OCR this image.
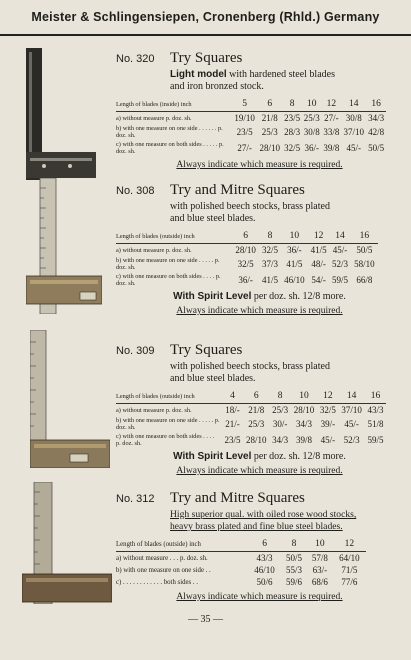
Meister & Schlingensiepen, Cronenberg (Rhld.) Germany
No. 320	Try Squares
Light model with hardened steel blades
and iron bronzed stock.
Length of blades (inside) inch	5	6	8	10	12	14	16
a) without measure p. doz. sh.	19/10	21/8	23/5	25/3	27/-	30/8	34/3
b) with one measure on one side . . . . . . p. doz. sh.	23/5	25/3	28/3	30/8	33/8	37/10	42/8
c) with one measure on both sides . . . . . p. doz. sh.	27/-	28/10	32/5	36/-	39/8	45/-	50/5
Always indicate which measure is required.
No. 308	Try and Mitre Squares
with polished beech stocks, brass plated
and blue steel blades.
Length of blades (outside) inch	6	8	10	12	14	16
a) without measure p. doz. sh.	28/10	32/5	36/-	41/5	45/-	50/5
b) with one measure on one side . . . . . p. doz. sh.	32/5	37/3	41/5	48/-	52/3	58/10
c) with one measure on both sides . . . . p. doz. sh.	36/-	41/5	46/10	54/-	59/5	66/8
With Spirit Level per doz. sh. 12/8 more.
Always indicate which measure is required.
No. 309	Try Squares
with polished beech stocks, brass plated
and blue steel blades.
Length of blades (outside) inch	4	6	8	10	12	14	16
a) without measure p. doz. sh.	18/-	21/8	25/3	28/10	32/5	37/10	43/3
b) with one measure on one side . . . . . p. doz. sh.	21/-	25/3	30/-	34/3	39/-	45/-	51/8
c) with one measure on both sides . . . . p. doz. sh.	23/5	28/10	34/3	39/8	45/-	52/3	59/5
With Spirit Level per doz. sh. 12/8 more.
Always indicate which measure is required.
No. 312	Try and Mitre Squares
High superior qual. with oiled rose wood stocks,
heavy brass plated and fine blue steel blades.
Length of blades (outside) inch	6	8	10	12
a) without measure . . . p. doz. sh.	43/3	50/5	57/8	64/10
b) with one measure on one side . .	46/10	55/3	63/-	71/5
c) . . . . . . . . . . . . both sides . .	50/6	59/6	68/6	77/6
Always indicate which measure is required.
— 35 —
